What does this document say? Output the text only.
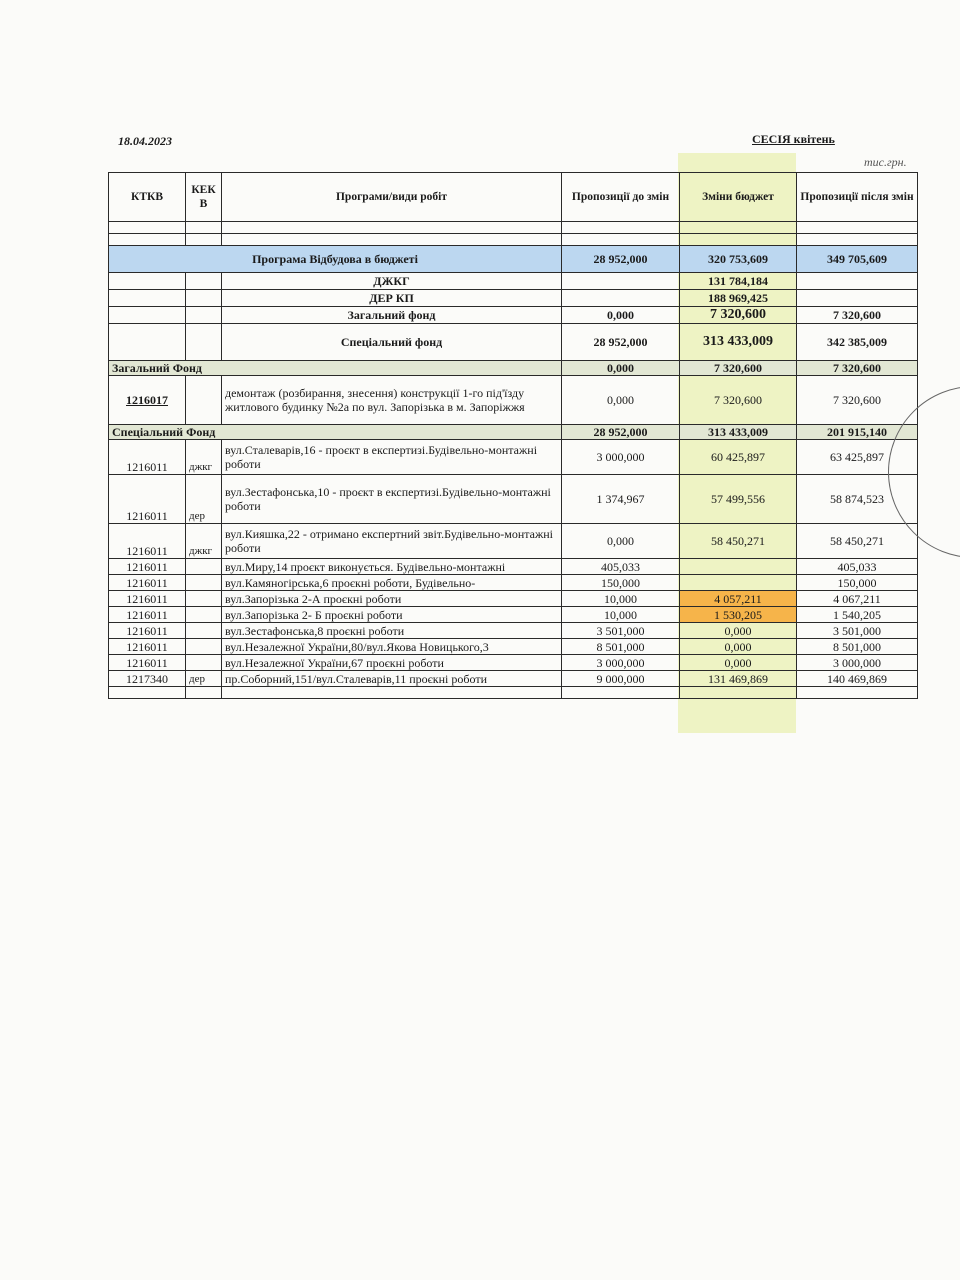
18.04.2023	СЕСІЯ квітень
тис.грн.
КТКВ	КЕК В	Програми/види робіт	Пропозиції до змін	Зміни бюджет	Пропозиції після змін

Програма Відбудова в бюджеті			28 952,000	320 753,609	349 705,609
		ДЖКГ		131 784,184	
		ДЕР КП		188 969,425	
		Загальний фонд	0,000	7 320,600	7 320,600
		Спеціальний фонд	28 952,000	313 433,009	342 385,009
Загальний Фонд			0,000	7 320,600	7 320,600
1216017		демонтаж (розбирання, знесення) конструкції 1-го під'їзду житлового будинку №2а по вул. Запорізька в м. Запоріжжя	0,000	7 320,600	7 320,600
Спеціальний Фонд			28 952,000	313 433,009	201 915,140
1216011	джкг	вул.Сталеварів,16 - проєкт в експертизі.Будівельно-монтажні роботи	3 000,000	60 425,897	63 425,897
1216011	дер	вул.Зестафонська,10 - проєкт в експертизі.Будівельно-монтажні роботи	1 374,967	57 499,556	58 874,523
1216011	джкг	вул.Кияшка,22 - отримано експертний звіт.Будівельно-монтажні роботи	0,000	58 450,271	58 450,271
1216011		вул.Миру,14 проєкт виконується. Будівельно-монтажні	405,033		405,033
1216011		вул.Камяногірська,6 проєкні роботи, Будівельно-	150,000		150,000
1216011		вул.Запорізька 2-А проєкні роботи	10,000	4 057,211	4 067,211
1216011		вул.Запорізька 2- Б проєкні роботи	10,000	1 530,205	1 540,205
1216011		вул.Зестафонська,8 проєкні роботи	3 501,000	0,000	3 501,000
1216011		вул.Незалежної України,80/вул.Якова Новицького,3	8 501,000	0,000	8 501,000
1216011		вул.Незалежної України,67 проєкні роботи	3 000,000	0,000	3 000,000
1217340	дер	пр.Соборний,151/вул.Сталеварів,11 проєкні роботи	9 000,000	131 469,869	140 469,869
